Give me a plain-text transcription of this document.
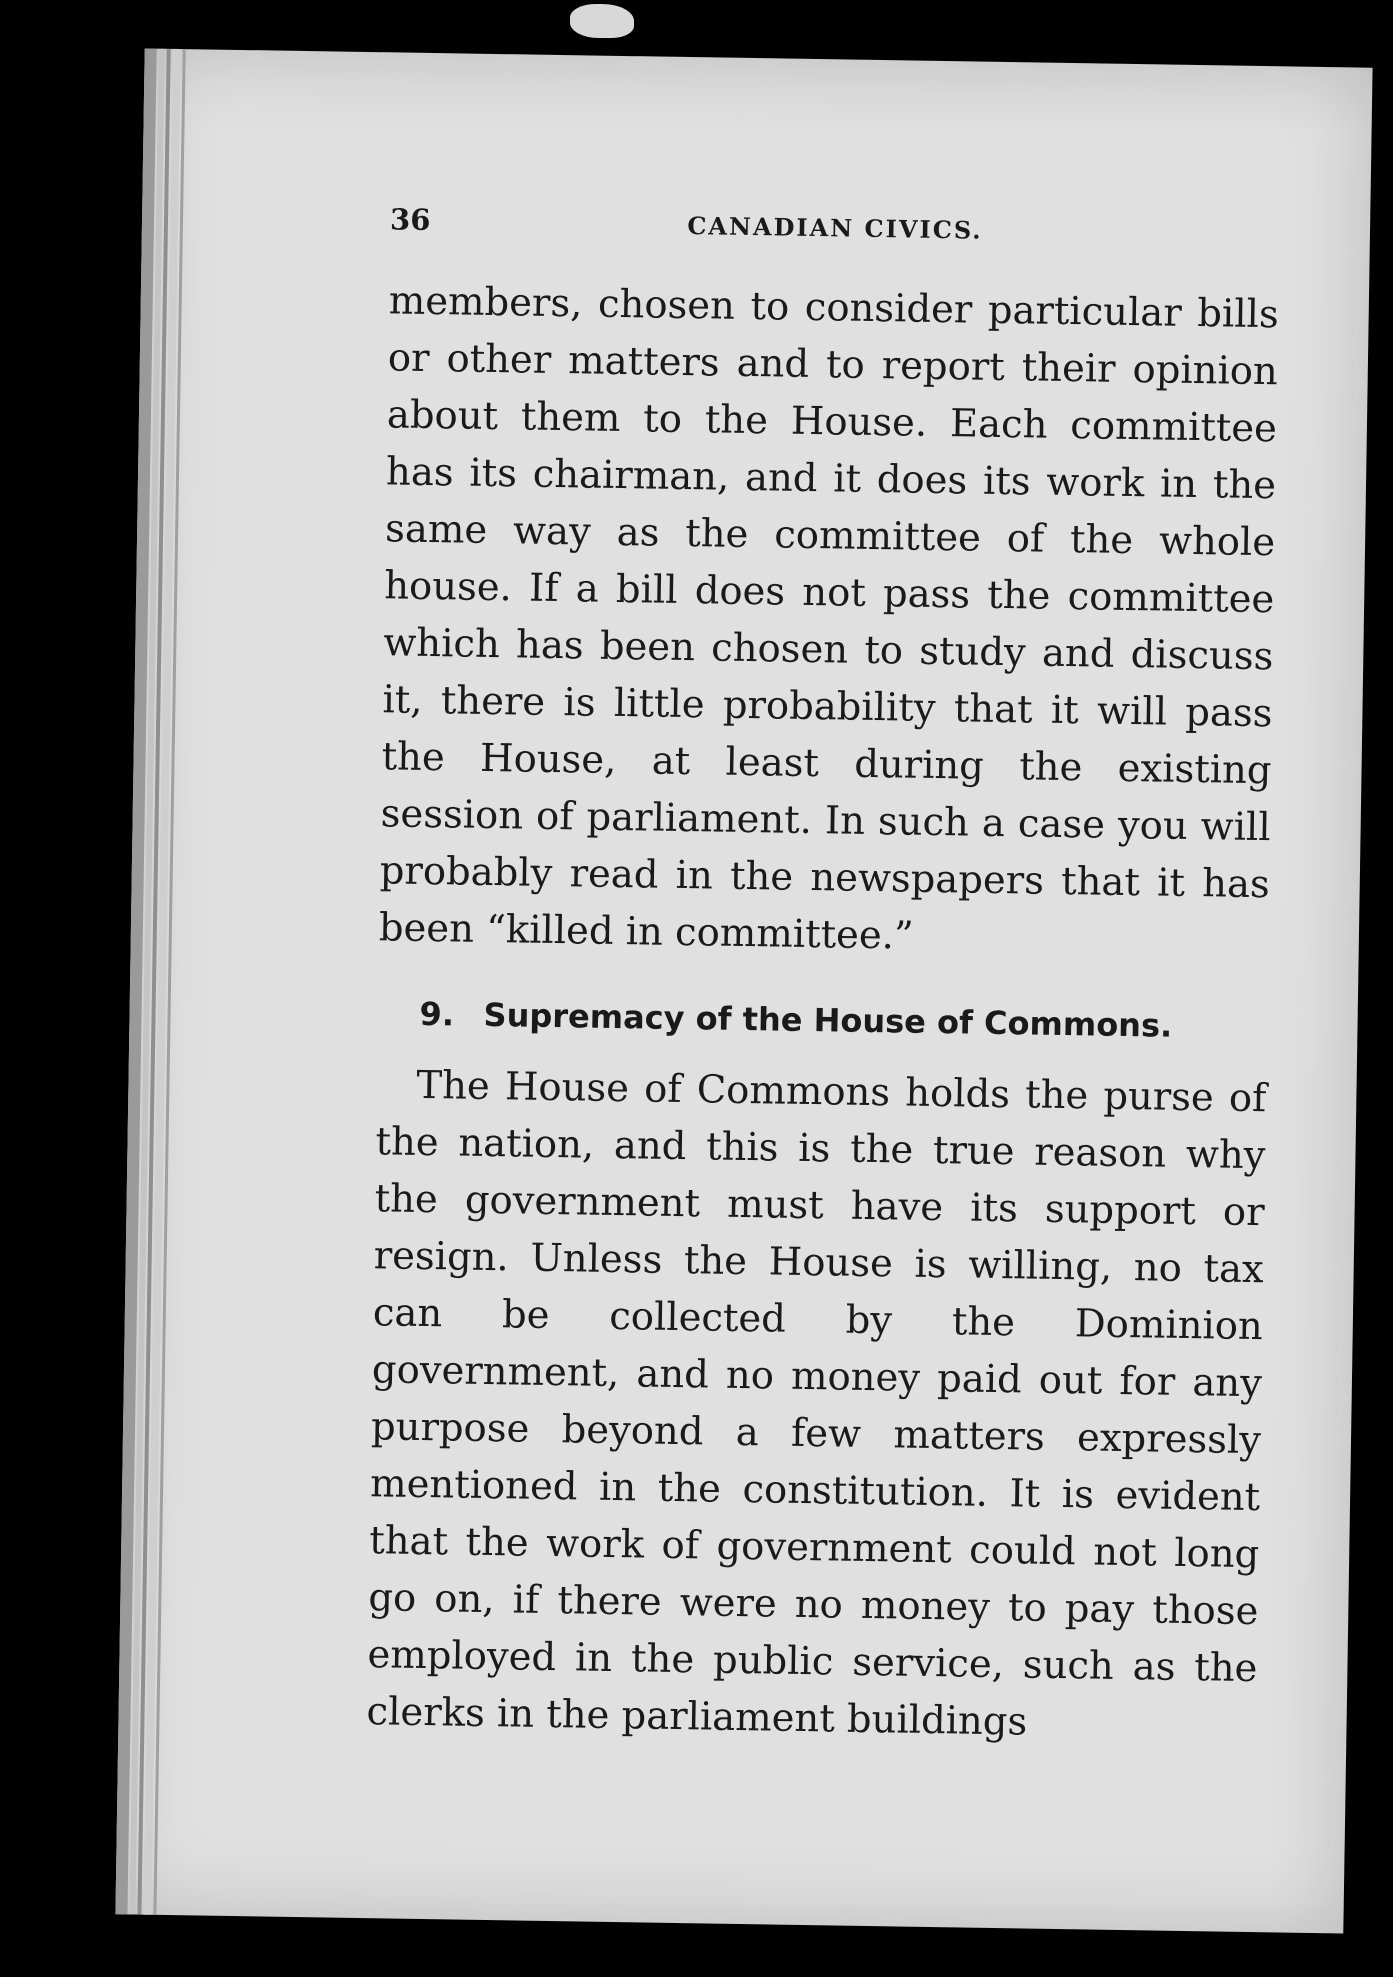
36	CANADIAN CIVICS.

members, chosen to consider particular bills or other matters and to report their opinion about them to the House. Each committee has its chairman, and it does its work in the same way as the committee of the whole house. If a bill does not pass the committee which has been chosen to study and discuss it, there is little probability that it will pass the House, at least during the existing session of parliament. In such a case you will probably read in the newspapers that it has been “killed in committee.”

9. Supremacy of the House of Commons.

The House of Commons holds the purse of the nation, and this is the true reason why the government must have its support or resign. Unless the House is willing, no tax can be collected by the Dominion government, and no money paid out for any purpose beyond a few matters expressly mentioned in the constitution. It is evident that the work of government could not long go on, if there were no money to pay those employed in the public service, such as the clerks in the parliament buildings
